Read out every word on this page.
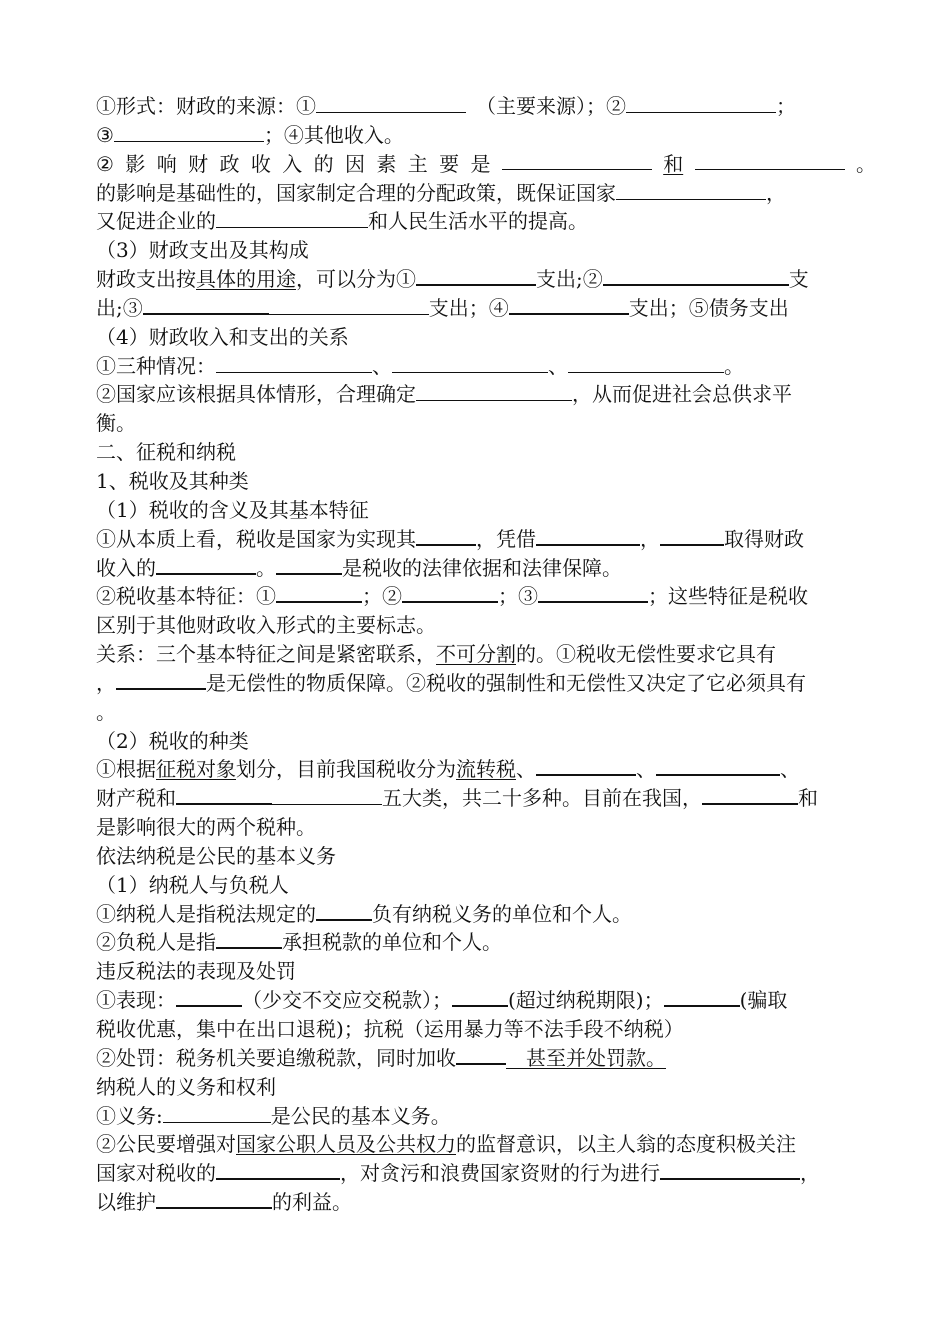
①形式：财政的来源：①	　（主要来源）；②	；
③	；④其他收入。
② 影 响 财 政 收 入 的 因 素 主 要 是	和	。
的影响是基础性的，国家制定合理的分配政策，既保证国家	，
又促进企业的	和人民生活水平的提高。
（3）财政支出及其构成
财政支出按具体的用途，可以分为①	支出;②	支
出;③	支出；④	支出；⑤债务支出
（4）财政收入和支出的关系
①三种情况：	、	、	。
②国家应该根据具体情形，合理确定	，从而促进社会总供求平
衡。
二、征税和纳税
1、税收及其种类
（1）税收的含义及其基本特征
①从本质上看，税收是国家为实现其	，凭借	，	取得财政
收入的	。	是税收的法律依据和法律保障。
②税收基本特征：①	；②	；③	；这些特征是税收
区别于其他财政收入形式的主要标志。
关系：三个基本特征之间是紧密联系，不可分割的。①税收无偿性要求它具有
，	是无偿性的物质保障。②税收的强制性和无偿性又决定了它必须具有
。
（2）税收的种类
①根据征税对象划分，目前我国税收分为流转税、	、	、
财产税和	五大类，共二十多种。目前在我国，	和
是影响很大的两个税种。
依法纳税是公民的基本义务
（1）纳税人与负税人
①纳税人是指税法规定的	负有纳税义务的单位和个人。
②负税人是指	承担税款的单位和个人。
违反税法的表现及处罚
①表现：	（少交不交应交税款）；	(超过纳税期限)；	(骗取
税收优惠，集中在出口退税)；抗税（运用暴力等不法手段不纳税）
②处罚：税务机关要追缴税款，同时加收	　甚至并处罚款。
纳税人的义务和权利
①义务:	是公民的基本义务。
②公民要增强对国家公职人员及公共权力的监督意识，以主人翁的态度积极关注
国家对税收的	，对贪污和浪费国家资财的行为进行	，
以维护	的利益。
